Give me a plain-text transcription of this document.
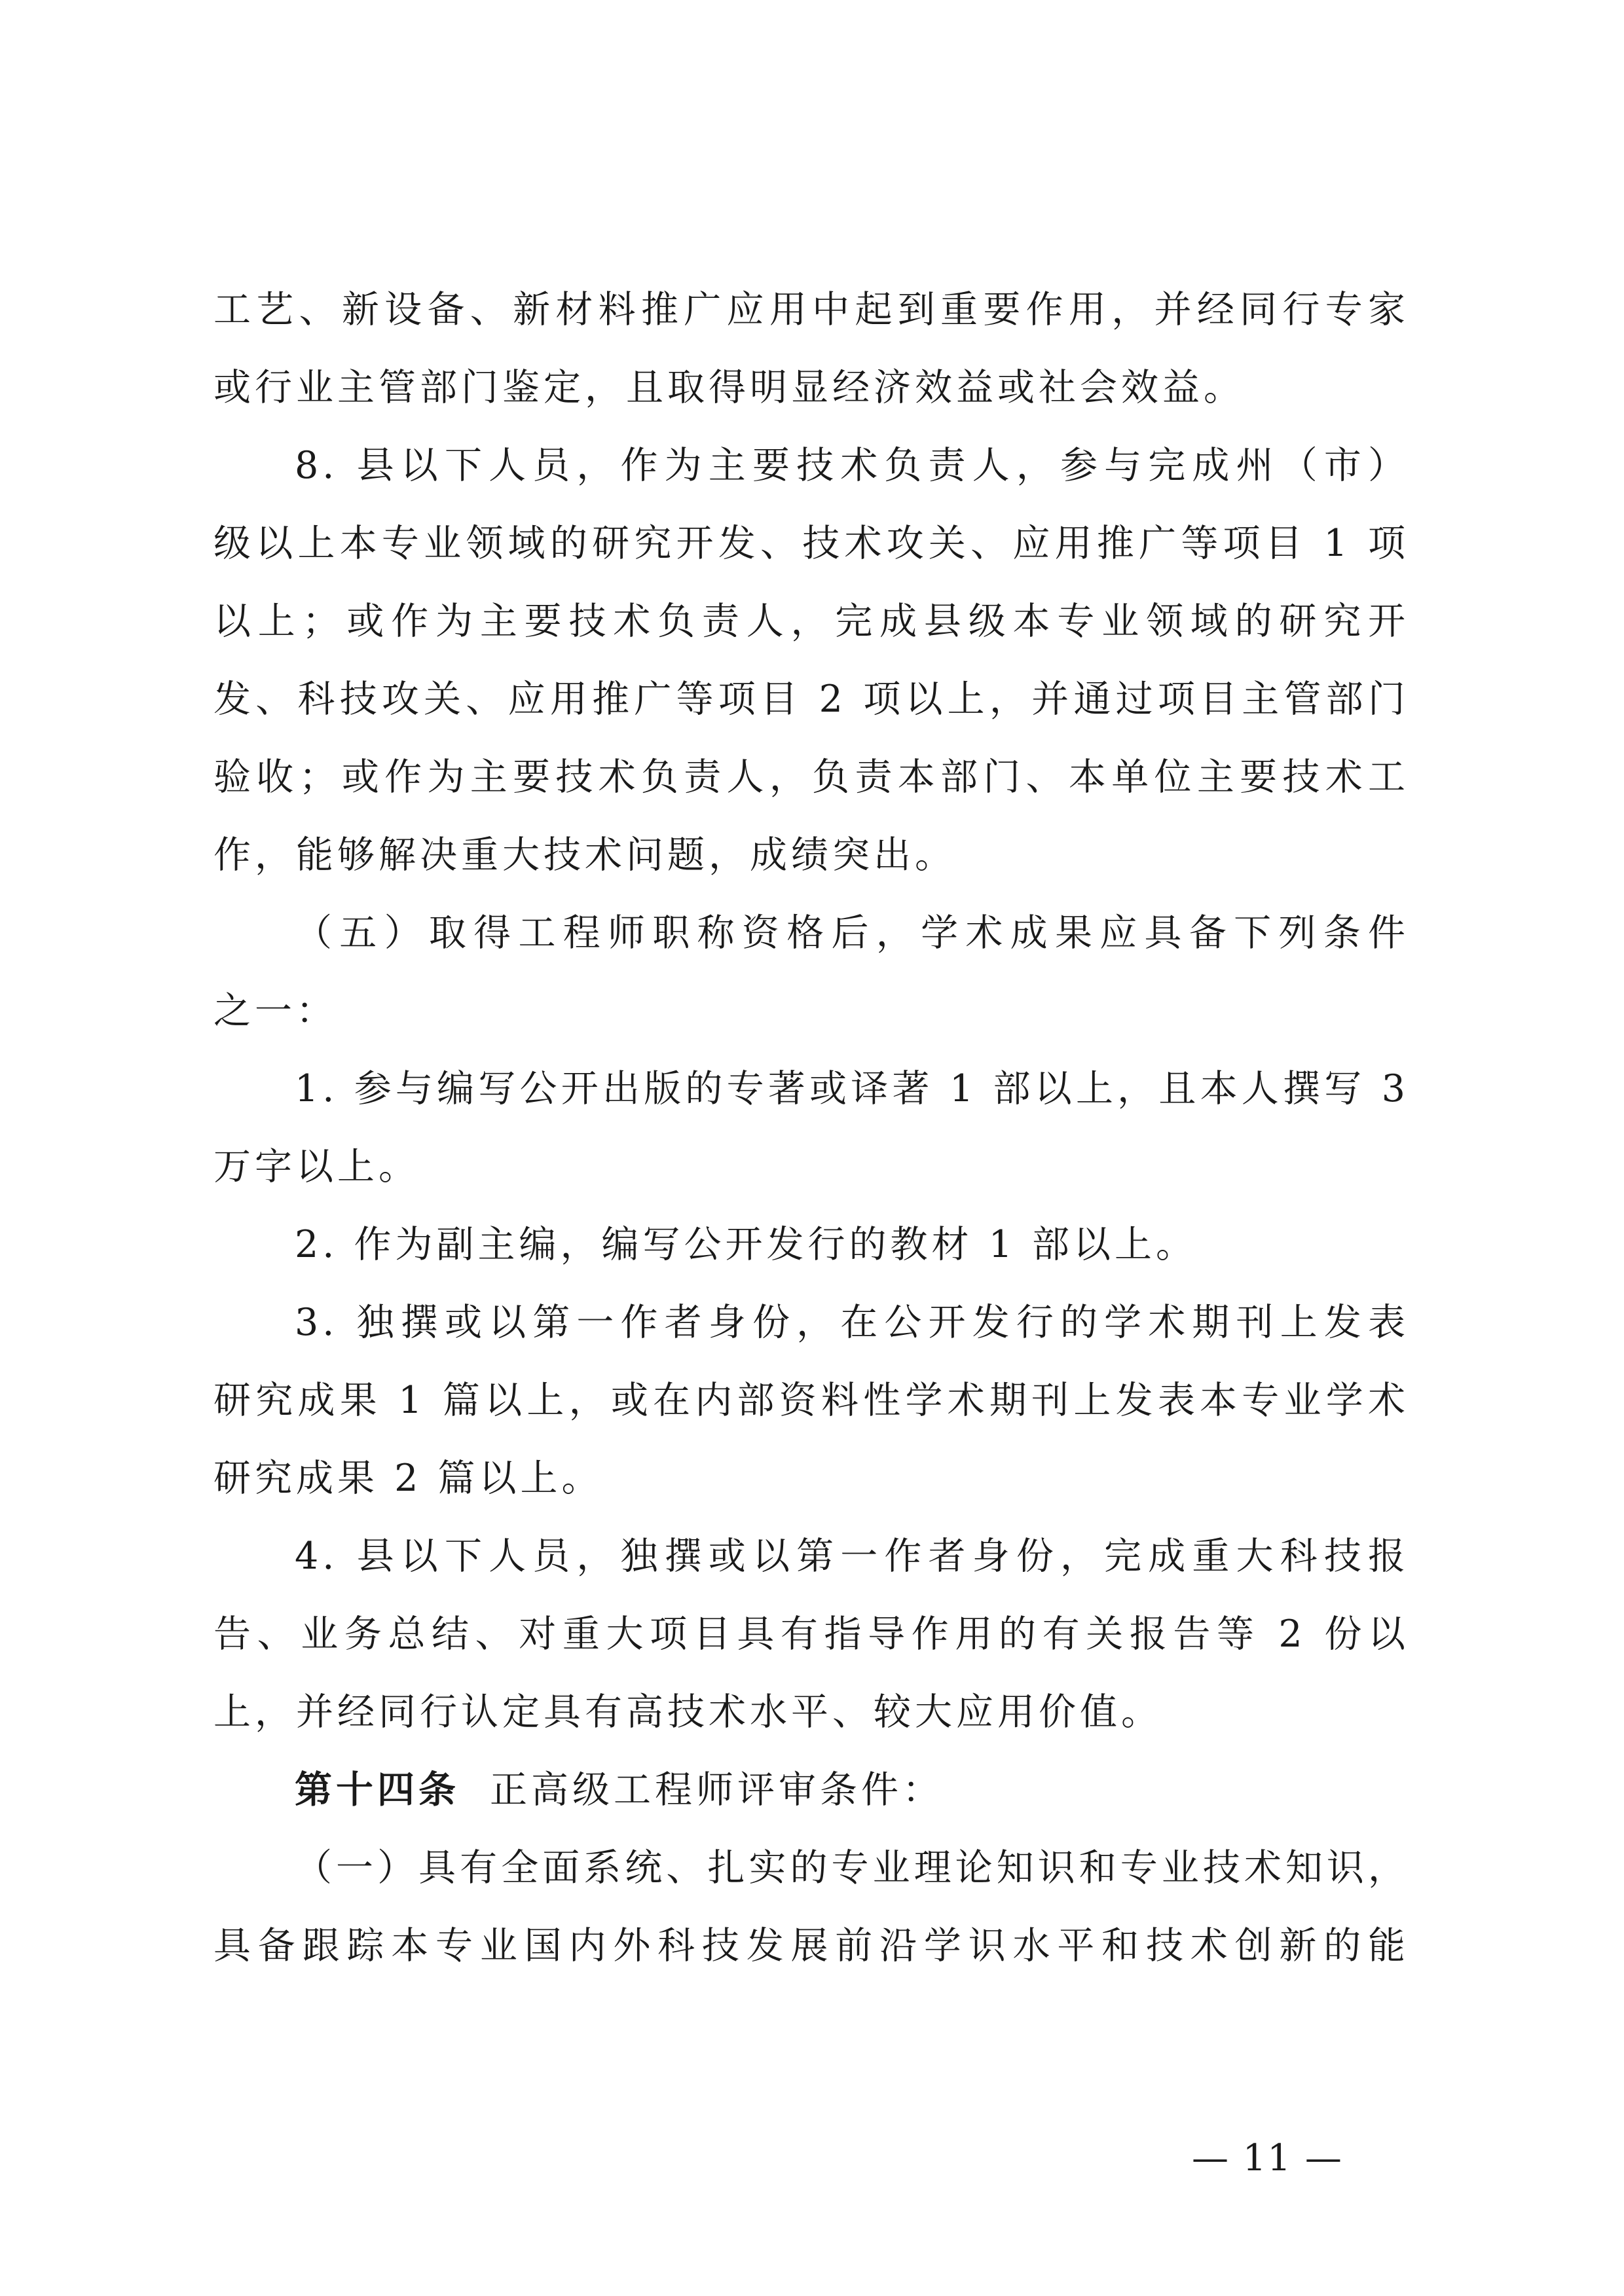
工艺、新设备、新材料推广应用中起到重要作用，并经同行专家
或行业主管部门鉴定，且取得明显经济效益或社会效益。
8. 县以下人员，作为主要技术负责人，参与完成州（市）
级以上本专业领域的研究开发、技术攻关、应用推广等项目 1 项
以上；或作为主要技术负责人，完成县级本专业领域的研究开
发、科技攻关、应用推广等项目 2 项以上，并通过项目主管部门
验收；或作为主要技术负责人，负责本部门、本单位主要技术工
作，能够解决重大技术问题，成绩突出。
（五）取得工程师职称资格后，学术成果应具备下列条件
之一：
1. 参与编写公开出版的专著或译著 1 部以上，且本人撰写 3
万字以上。
2. 作为副主编，编写公开发行的教材 1 部以上。
3. 独撰或以第一作者身份，在公开发行的学术期刊上发表
研究成果 1 篇以上，或在内部资料性学术期刊上发表本专业学术
研究成果 2 篇以上。
4. 县以下人员，独撰或以第一作者身份，完成重大科技报
告、业务总结、对重大项目具有指导作用的有关报告等 2 份以
上，并经同行认定具有高技术水平、较大应用价值。
第十四条 正高级工程师评审条件：
（一）具有全面系统、扎实的专业理论知识和专业技术知识，
具备跟踪本专业国内外科技发展前沿学识水平和技术创新的能
— 11 —
